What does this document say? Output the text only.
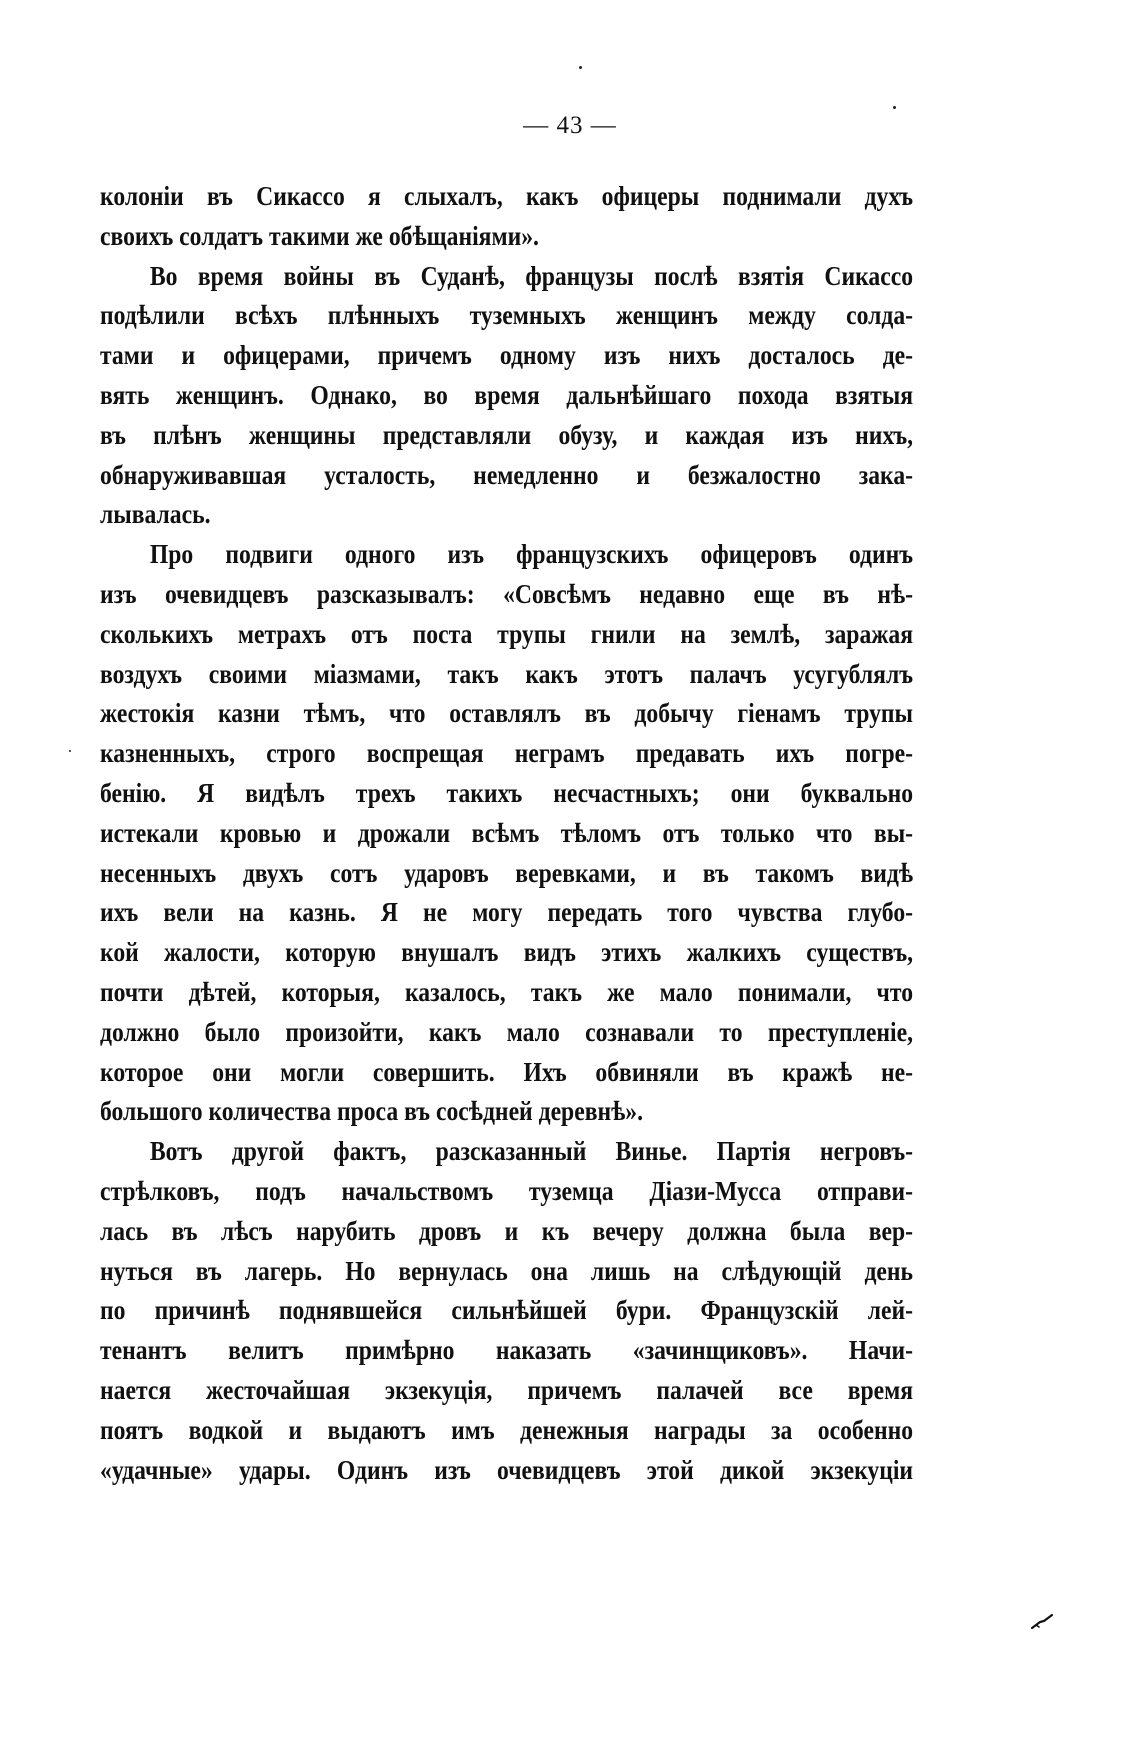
— 43 —
колоніи въ Сикассо я слыхалъ, какъ офицеры поднимали духъ
своихъ солдатъ такими же обѣщаніями».
Во время войны въ Суданѣ, французы послѣ взятія Сикассо
подѣлили всѣхъ плѣнныхъ туземныхъ женщинъ между солда-
тами и офицерами, причемъ одному изъ нихъ досталось де-
вять женщинъ. Однако, во время дальнѣйшаго похода взятыя
въ плѣнъ женщины представляли обузу, и каждая изъ нихъ,
обнаруживавшая усталость, немедленно и безжалостно зака-
лывалась.
Про подвиги одного изъ французскихъ офицеровъ одинъ
изъ очевидцевъ разсказывалъ: «Совсѣмъ недавно еще въ нѣ-
сколькихъ метрахъ отъ поста трупы гнили на землѣ, заражая
воздухъ своими міазмами, такъ какъ этотъ палачъ усугублялъ
жестокія казни тѣмъ, что оставлялъ въ добычу гіенамъ трупы
казненныхъ, строго воспрещая неграмъ предавать ихъ погре-
бенію. Я видѣлъ трехъ такихъ несчастныхъ; они буквально
истекали кровью и дрожали всѣмъ тѣломъ отъ только что вы-
несенныхъ двухъ сотъ ударовъ веревками, и въ такомъ видѣ
ихъ вели на казнь. Я не могу передать того чувства глубо-
кой жалости, которую внушалъ видъ этихъ жалкихъ существъ,
почти дѣтей, которыя, казалось, такъ же мало понимали, что
должно было произойти, какъ мало сознавали то преступленіе,
которое они могли совершить. Ихъ обвиняли въ кражѣ не-
большого количества проса въ сосѣдней деревнѣ».
Вотъ другой фактъ, разсказанный Винье. Партія негровъ-
стрѣлковъ, подъ начальствомъ туземца Діази-Мусса отправи-
лась въ лѣсъ нарубить дровъ и къ вечеру должна была вер-
нуться въ лагерь. Но вернулась она лишь на слѣдующій день
по причинѣ поднявшейся сильнѣйшей бури. Французскій лей-
тенантъ велитъ примѣрно наказать «зачинщиковъ». Начи-
нается жесточайшая экзекуція, причемъ палачей все время
поятъ водкой и выдаютъ имъ денежныя награды за особенно
«удачные» удары. Одинъ изъ очевидцевъ этой дикой экзекуціи
